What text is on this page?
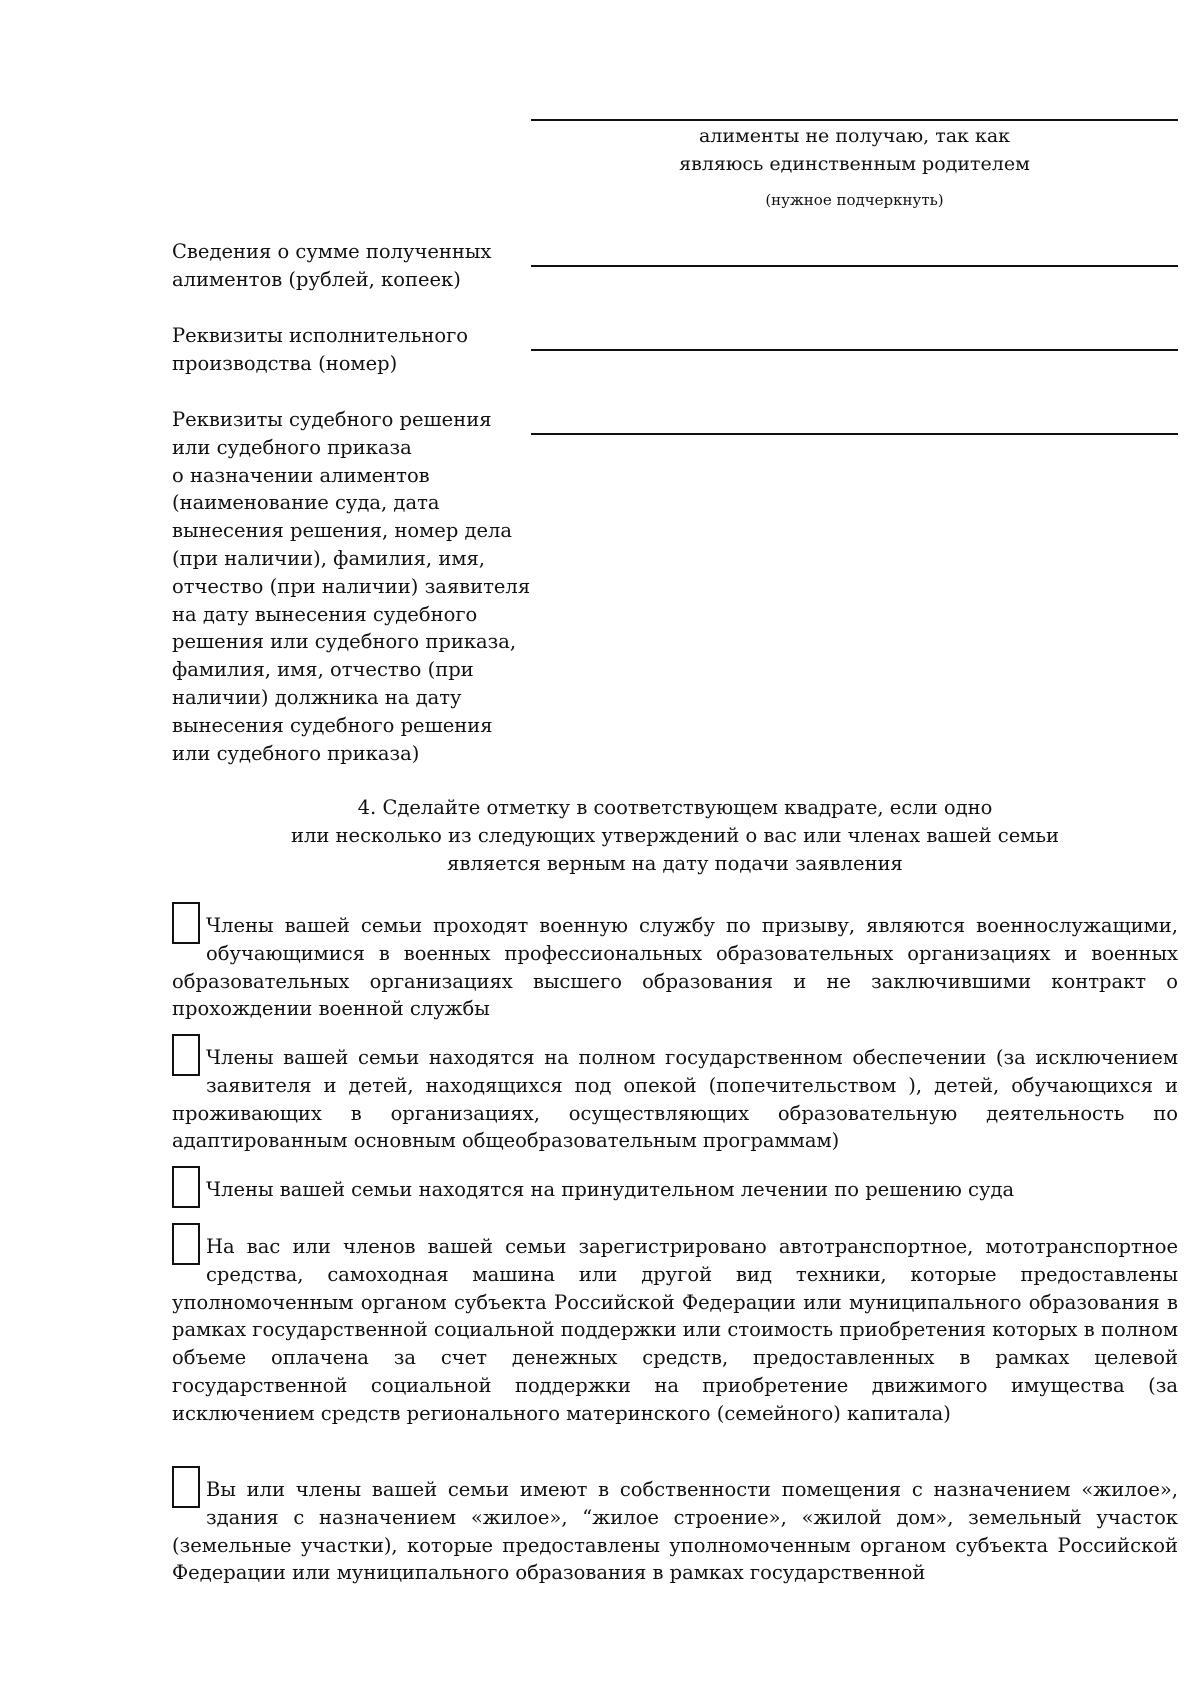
алименты не получаю, так как
являюсь единственным родителем
(нужное подчеркнуть)
Сведения о сумме полученных
алиментов (рублей, копеек)
Реквизиты исполнительного
производства (номер)
Реквизиты судебного решения
или судебного приказа
о назначении алиментов
(наименование суда, дата
вынесения решения, номер дела
(при наличии), фамилия, имя,
отчество (при наличии) заявителя
на дату вынесения судебного
решения или судебного приказа,
фамилия, имя, отчество (при
наличии) должника на дату
вынесения судебного решения
или судебного приказа)
4. Сделайте отметку в соответствующем квадрате, если одно
или несколько из следующих утверждений о вас или членах вашей семьи
является верным на дату подачи заявления
Члены вашей семьи проходят военную службу по призыву, являются военнослужащими, обучающимися в военных профессиональных образовательных организациях и военных образовательных организациях высшего образования и не заключившими контракт о прохождении военной службы
Члены вашей семьи находятся на полном государственном обеспечении (за исключением заявителя и детей, находящихся под опекой (попечительством ), детей, обучающихся и проживающих в организациях, осуществляющих образовательную деятельность по адаптированным основным общеобразовательным программам)
Члены вашей семьи находятся на принудительном лечении по решению суда
На вас или членов вашей семьи зарегистрировано автотранспортное, мототранспортное средства, самоходная машина или другой вид техники, которые предоставлены уполномоченным органом субъекта Российской Федерации или муниципального образования в рамках государственной социальной поддержки или стоимость приобретения которых в полном объеме оплачена за счет денежных средств, предоставленных в рамках целевой государственной социальной поддержки на приобретение движимого имущества (за исключением средств регионального материнского (семейного) капитала)
Вы или члены вашей семьи имеют в собственности помещения с назначением «жилое», здания с назначением «жилое», “жилое строение», «жилой дом», земельный участок (земельные участки), которые предоставлены уполномоченным органом субъекта Российской Федерации или муниципального образования в рамках государственной
